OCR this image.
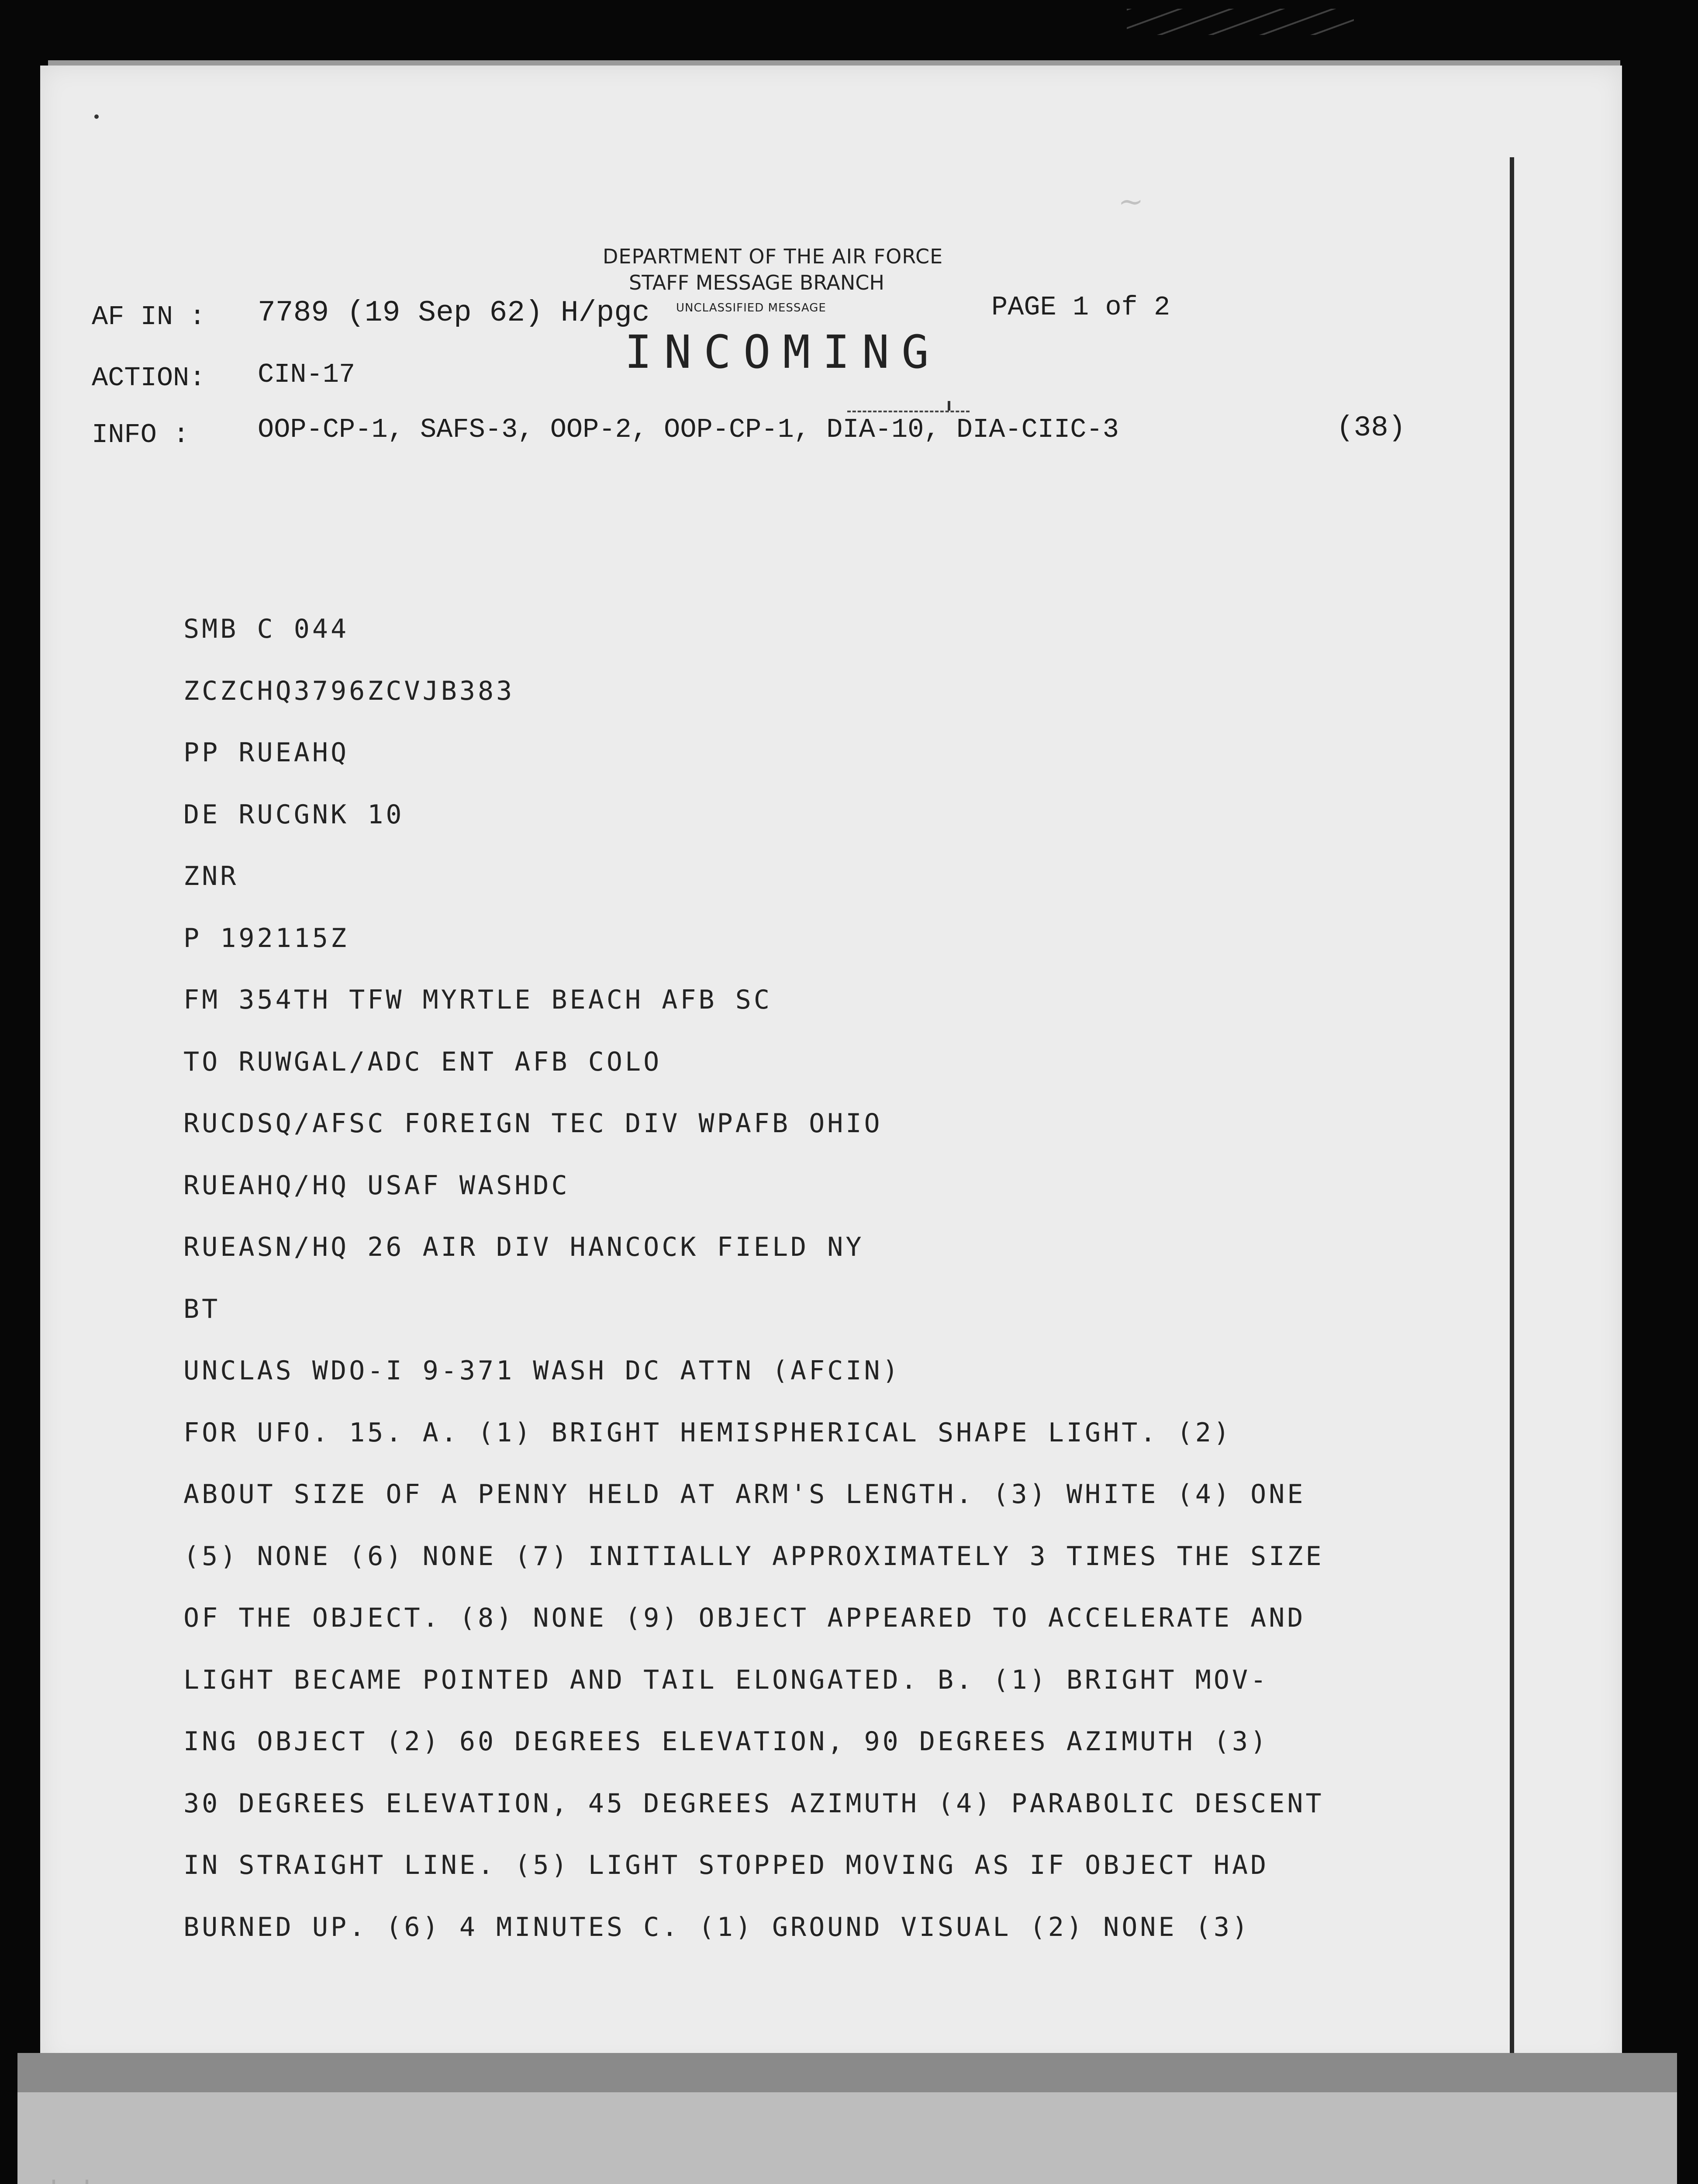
~
DEPARTMENT OF THE AIR FORCE
STAFF MESSAGE BRANCH
UNCLASSIFIED MESSAGE
INCOMING
AF IN : 7789 (19 Sep 62) H/pgc	PAGE 1 of 2
ACTION: CIN-17
INFO :	OOP-CP-1, SAFS-3, OOP-2, OOP-CP-1, DIA-10, DIA-CIIC-3	(38)
SMB C 044
ZCZCHQ3796ZCVJB383
PP RUEAHQ
DE RUCGNK 10
ZNR
P 192115Z
FM 354TH TFW MYRTLE BEACH AFB SC
TO RUWGAL/ADC ENT AFB COLO
RUCDSQ/AFSC FOREIGN TEC DIV WPAFB OHIO
RUEAHQ/HQ USAF WASHDC
RUEASN/HQ 26 AIR DIV HANCOCK FIELD NY
BT
UNCLAS WDO-I 9-371 WASH DC ATTN (AFCIN)
FOR UFO. 15. A. (1) BRIGHT HEMISPHERICAL SHAPE LIGHT. (2)
ABOUT SIZE OF A PENNY HELD AT ARM'S LENGTH. (3) WHITE (4) ONE
(5) NONE (6) NONE (7) INITIALLY APPROXIMATELY 3 TIMES THE SIZE
OF THE OBJECT. (8) NONE (9) OBJECT APPEARED TO ACCELERATE AND
LIGHT BECAME POINTED AND TAIL ELONGATED. B. (1) BRIGHT MOV-
ING OBJECT (2) 60 DEGREES ELEVATION, 90 DEGREES AZIMUTH (3)
30 DEGREES ELEVATION, 45 DEGREES AZIMUTH (4) PARABOLIC DESCENT
IN STRAIGHT LINE. (5) LIGHT STOPPED MOVING AS IF OBJECT HAD
BURNED UP. (6) 4 MINUTES C. (1) GROUND VISUAL (2) NONE (3)
